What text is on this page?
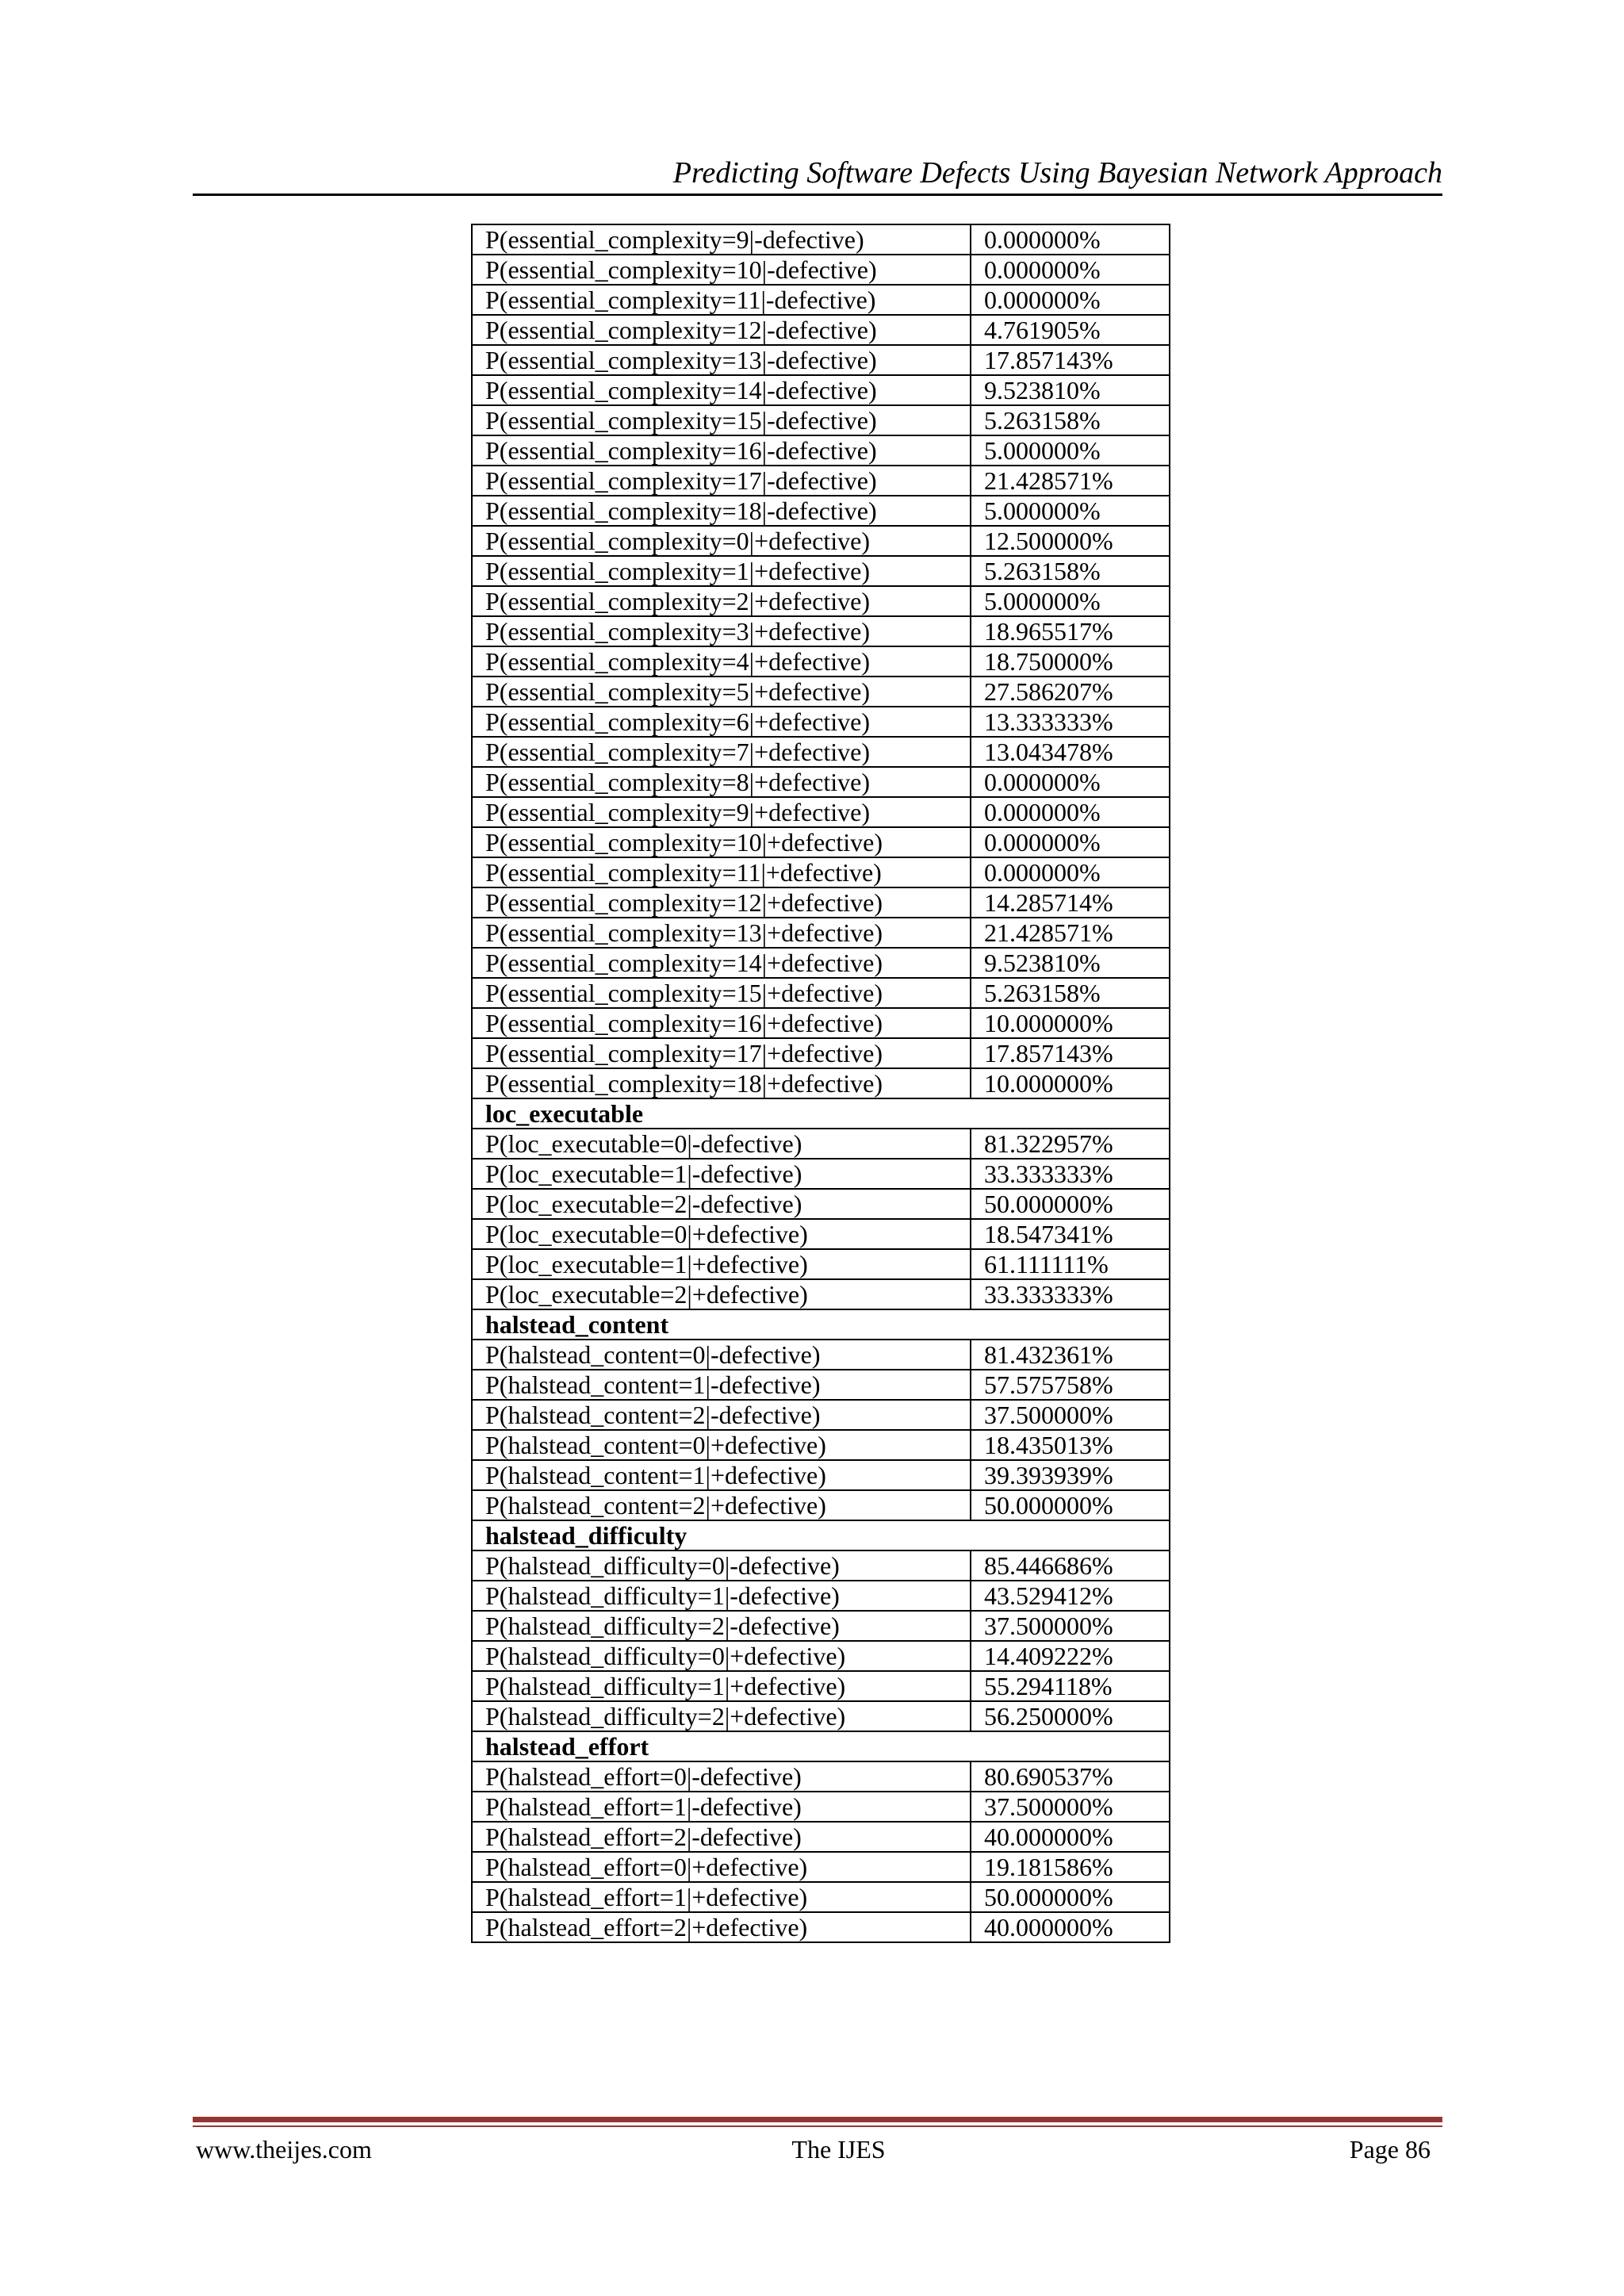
Predicting Software Defects Using Bayesian Network Approach
P(essential_complexity=9|-defective)	0.000000%
P(essential_complexity=10|-defective)	0.000000%
P(essential_complexity=11|-defective)	0.000000%
P(essential_complexity=12|-defective)	4.761905%
P(essential_complexity=13|-defective)	17.857143%
P(essential_complexity=14|-defective)	9.523810%
P(essential_complexity=15|-defective)	5.263158%
P(essential_complexity=16|-defective)	5.000000%
P(essential_complexity=17|-defective)	21.428571%
P(essential_complexity=18|-defective)	5.000000%
P(essential_complexity=0|+defective)	12.500000%
P(essential_complexity=1|+defective)	5.263158%
P(essential_complexity=2|+defective)	5.000000%
P(essential_complexity=3|+defective)	18.965517%
P(essential_complexity=4|+defective)	18.750000%
P(essential_complexity=5|+defective)	27.586207%
P(essential_complexity=6|+defective)	13.333333%
P(essential_complexity=7|+defective)	13.043478%
P(essential_complexity=8|+defective)	0.000000%
P(essential_complexity=9|+defective)	0.000000%
P(essential_complexity=10|+defective)	0.000000%
P(essential_complexity=11|+defective)	0.000000%
P(essential_complexity=12|+defective)	14.285714%
P(essential_complexity=13|+defective)	21.428571%
P(essential_complexity=14|+defective)	9.523810%
P(essential_complexity=15|+defective)	5.263158%
P(essential_complexity=16|+defective)	10.000000%
P(essential_complexity=17|+defective)	17.857143%
P(essential_complexity=18|+defective)	10.000000%
loc_executable	
P(loc_executable=0|-defective)	81.322957%
P(loc_executable=1|-defective)	33.333333%
P(loc_executable=2|-defective)	50.000000%
P(loc_executable=0|+defective)	18.547341%
P(loc_executable=1|+defective)	61.111111%
P(loc_executable=2|+defective)	33.333333%
halstead_content	
P(halstead_content=0|-defective)	81.432361%
P(halstead_content=1|-defective)	57.575758%
P(halstead_content=2|-defective)	37.500000%
P(halstead_content=0|+defective)	18.435013%
P(halstead_content=1|+defective)	39.393939%
P(halstead_content=2|+defective)	50.000000%
halstead_difficulty	
P(halstead_difficulty=0|-defective)	85.446686%
P(halstead_difficulty=1|-defective)	43.529412%
P(halstead_difficulty=2|-defective)	37.500000%
P(halstead_difficulty=0|+defective)	14.409222%
P(halstead_difficulty=1|+defective)	55.294118%
P(halstead_difficulty=2|+defective)	56.250000%
halstead_effort	
P(halstead_effort=0|-defective)	80.690537%
P(halstead_effort=1|-defective)	37.500000%
P(halstead_effort=2|-defective)	40.000000%
P(halstead_effort=0|+defective)	19.181586%
P(halstead_effort=1|+defective)	50.000000%
P(halstead_effort=2|+defective)	40.000000%
www.theijes.com	The IJES	Page 86
